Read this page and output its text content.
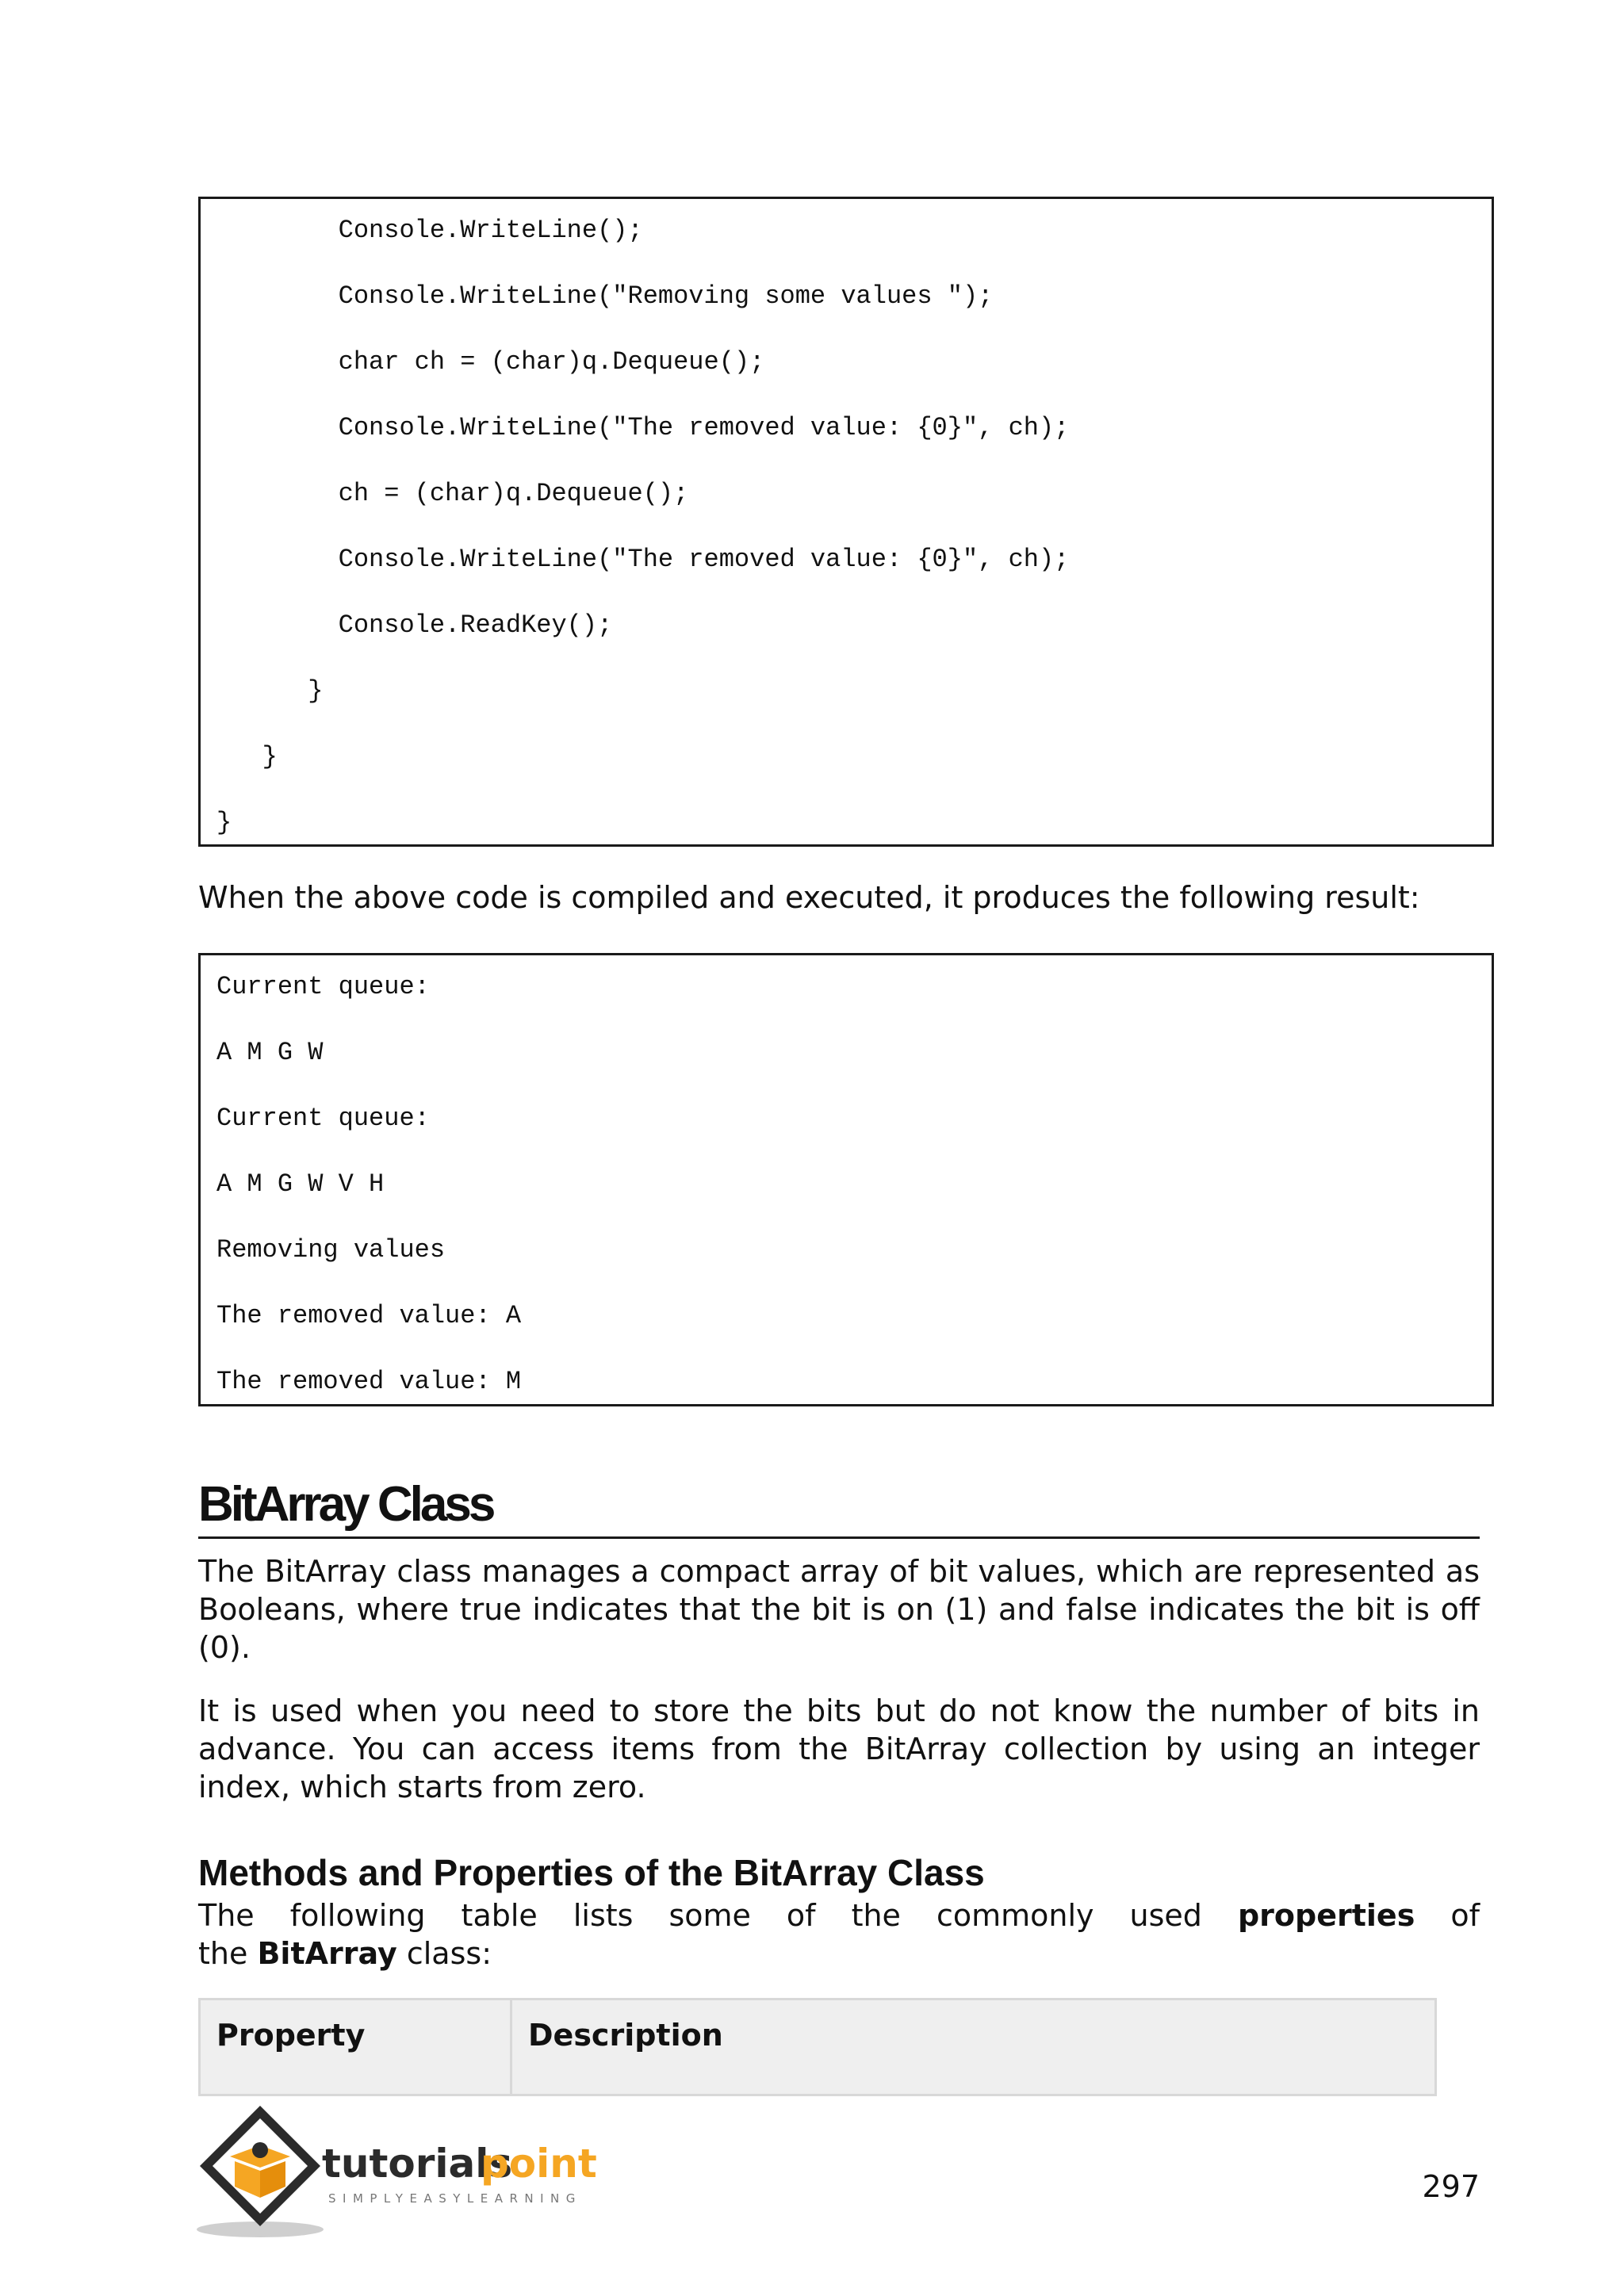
Console.WriteLine();
Console.WriteLine("Removing some values ");
char ch = (char)q.Dequeue();
Console.WriteLine("The removed value: {0}", ch);
ch = (char)q.Dequeue();
Console.WriteLine("The removed value: {0}", ch);
Console.ReadKey();
}
}
}

When the above code is compiled and executed, it produces the following result:

Current queue:
A M G W
Current queue:
A M G W V H
Removing values
The removed value: A
The removed value: M
BitArray Class

The BitArray class manages a compact array of bit values, which are represented as Booleans, where true indicates that the bit is on (1) and false indicates the bit is off (0).

It is used when you need to store the bits but do not know the number of bits in advance. You can access items from the BitArray collection by using an integer index, which starts from zero.

Methods and Properties of the BitArray Class
The following table lists some of the commonly used properties of
the BitArray class:
Property	Description
tutorials
point
SIMPLYEASYLEARNING	297
